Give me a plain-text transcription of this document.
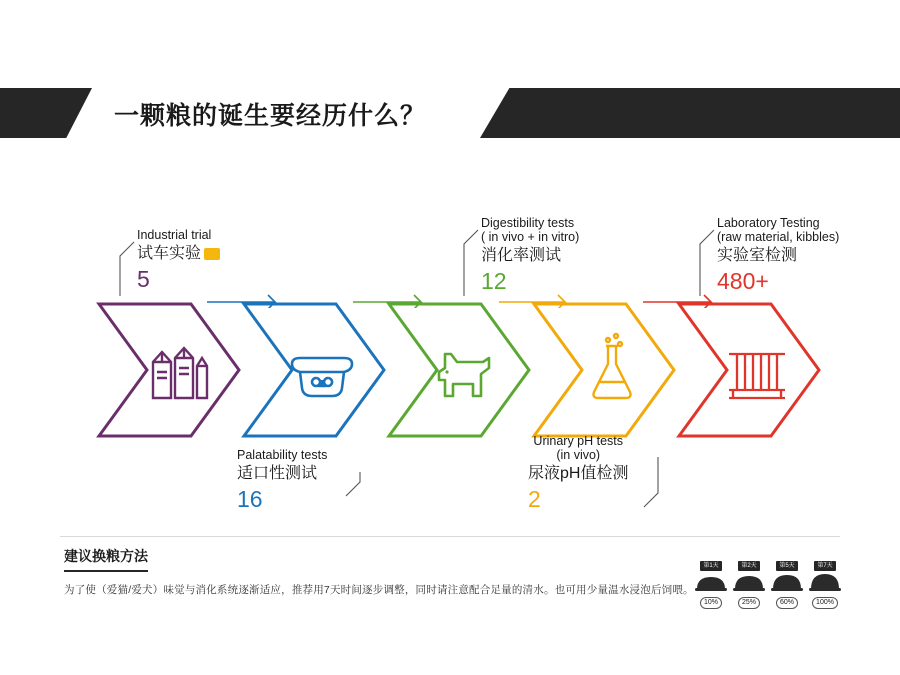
一颗粮的诞生要经历什么？
Industrial trial
试车实验
5
Palatability tests
适口性测试
16
Digestibility tests
( in vivo + in vitro)
消化率测试
12
Urinary pH tests
(in vivo)
尿液pH值检测
2
Laboratory Testing
(raw material, kibbles)
实验室检测
480+
建议换粮方法
为了使（爱猫/爱犬）味觉与消化系统逐渐适应，推荐用7天时间逐步调整，同时请注意配合足量的清水。也可用少量温水浸泡后饲喂。
第1天
10%
第2天
25%
第5天
60%
第7天
100%
